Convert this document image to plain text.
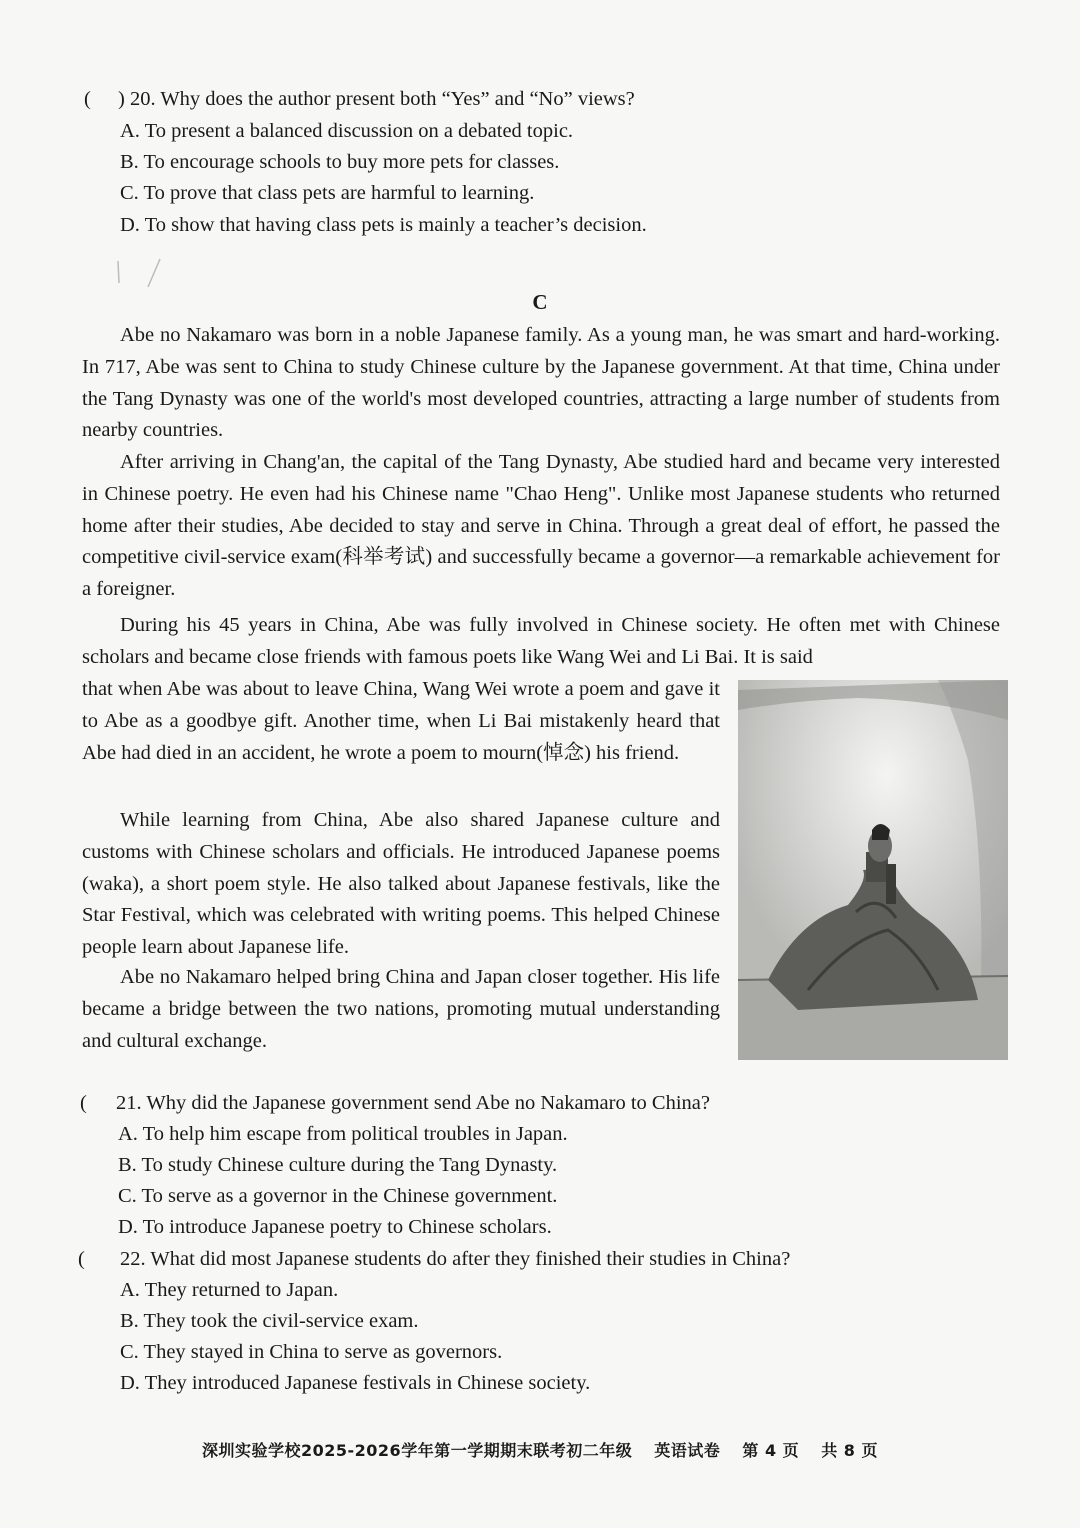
( ) 20. Why does the author present both “Yes” and “No” views?
A. To present a balanced discussion on a debated topic.
B. To encourage schools to buy more pets for classes.
C. To prove that class pets are harmful to learning.
D. To show that having class pets is mainly a teacher’s decision.
C

Abe no Nakamaro was born in a noble Japanese family. As a young man, he was smart and hard-working. In 717, Abe was sent to China to study Chinese culture by the Japanese government. At that time, China under the Tang Dynasty was one of the world's most developed countries, attracting a large number of students from nearby countries.

After arriving in Chang'an, the capital of the Tang Dynasty, Abe studied hard and became very interested in Chinese poetry. He even had his Chinese name "Chao Heng". Unlike most Japanese students who returned home after their studies, Abe decided to stay and serve in China. Through a great deal of effort, he passed the competitive civil-service exam(科举考试) and successfully became a governor—a remarkable achievement for a foreigner.

During his 45 years in China, Abe was fully involved in Chinese society. He often met with Chinese scholars and became close friends with famous poets like Wang Wei and Li Bai. It is said

that when Abe was about to leave China, Wang Wei wrote a poem and gave it to Abe as a goodbye gift. Another time, when Li Bai mistakenly heard that Abe had died in an accident, he wrote a poem to mourn(悼念) his friend.

While learning from China, Abe also shared Japanese culture and customs with Chinese scholars and officials. He introduced Japanese poems (waka), a short poem style. He also talked about Japanese festivals, like the Star Festival, which was celebrated with writing poems. This helped Chinese people learn about Japanese life.

Abe no Nakamaro helped bring China and Japan closer together. His life became a bridge between the two nations, promoting mutual understanding and cultural exchange.

( 21. Why did the Japanese government send Abe no Nakamaro to China?
A. To help him escape from political troubles in Japan.
B. To study Chinese culture during the Tang Dynasty.
C. To serve as a governor in the Chinese government.
D. To introduce Japanese poetry to Chinese scholars.
( 22. What did most Japanese students do after they finished their studies in China?
A. They returned to Japan.
B. They took the civil-service exam.
C. They stayed in China to serve as governors.
D. They introduced Japanese festivals in Chinese society.
深圳实验学校2025-2026学年第一学期期末联考初二年级 英语试卷 第 4 页 共 8 页
